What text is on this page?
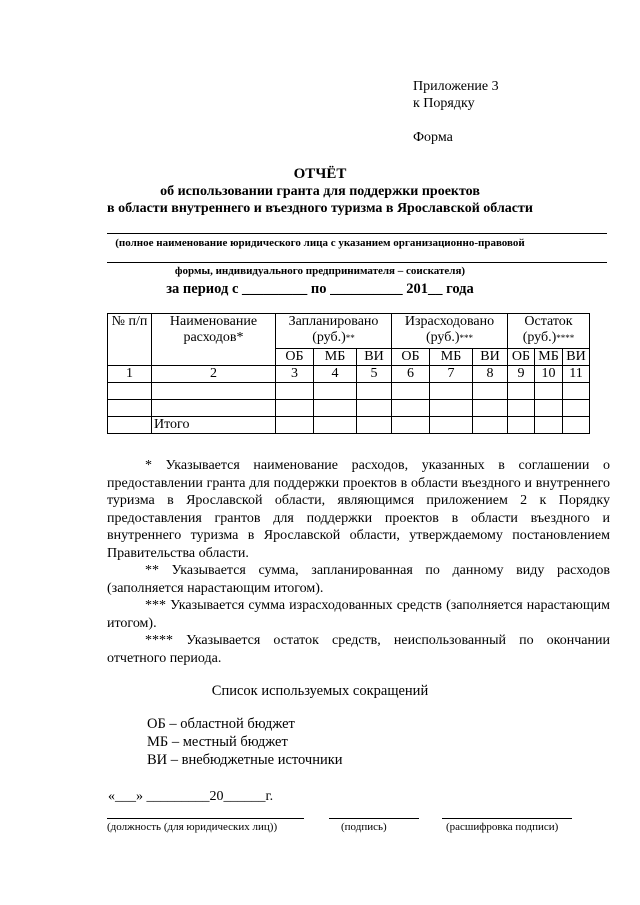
Приложение 3
к Порядку
Форма
ОТЧЁТ
об использовании гранта для поддержки проектов
в области внутреннего и въездного туризма в Ярославской области
(полное наименование юридического лица с указанием организационно-правовой
формы, индивидуального предпринимателя – соискателя)
за период с _________ по __________ 201__ года
№ п/п	Наименование расходов*	Запланировано (руб.)**			Израсходовано (руб.)***			Остаток (руб.)****
		ОБ	МБ	ВИ	ОБ	МБ	ВИ	ОБ	МБ	ВИ
1	2	3	4	5	6	7	8	9	10	11

	Итого									

* Указывается наименование расходов, указанных в соглашении о предоставлении гранта для поддержки проектов в области въездного и внутреннего туризма в Ярославской области, являющимся приложением 2 к Порядку предоставления грантов для поддержки проектов в области въездного и внутреннего туризма в Ярославской области, утверждаемому постановлением Правительства области.

** Указывается сумма, запланированная по данному виду расходов (заполняется нарастающим итогом).

*** Указывается сумма израсходованных средств (заполняется нарастающим итогом).

**** Указывается остаток средств, неиспользованный по окончании отчетного периода.

Список используемых сокращений
ОБ – областной бюджет
МБ – местный бюджет
ВИ – внебюджетные источники
«___» _________20______г.
(должность (для юридических лиц))	(подпись)	(расшифровка подписи)
